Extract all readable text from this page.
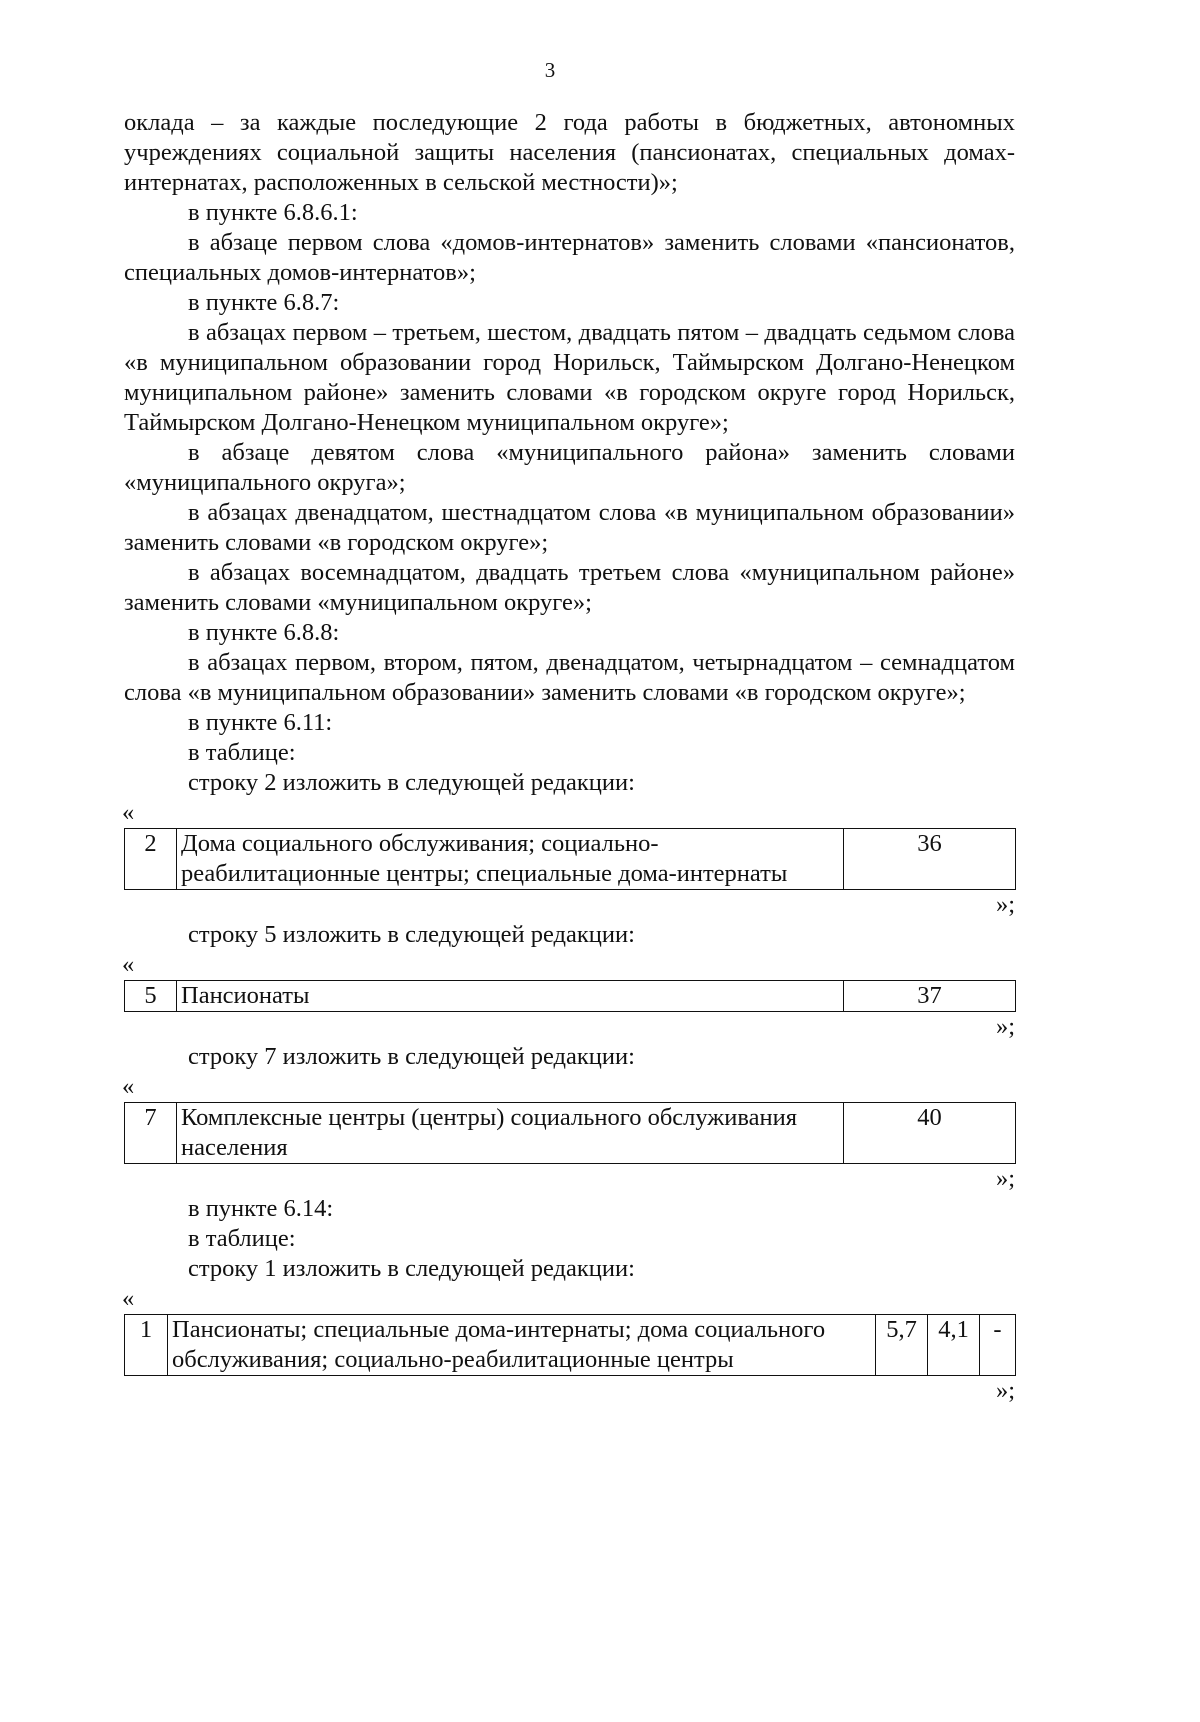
3

оклада – за каждые последующие 2 года работы в бюджетных, автономных учреждениях социальной защиты населения (пансионатах, специальных домах-интернатах, расположенных в сельской местности)»;

в пункте 6.8.6.1:

в абзаце первом слова «домов-интернатов» заменить словами «пансионатов, специальных домов-интернатов»;

в пункте 6.8.7:

в абзацах первом – третьем, шестом, двадцать пятом – двадцать седьмом слова «в муниципальном образовании город Норильск, Таймырском Долгано-Ненецком муниципальном районе» заменить словами «в городском округе город Норильск, Таймырском Долгано-Ненецком муниципальном округе»;

в абзаце девятом слова «муниципального района» заменить словами «муниципального округа»;

в абзацах двенадцатом, шестнадцатом слова «в муниципальном образовании» заменить словами «в городском округе»;

в абзацах восемнадцатом, двадцать третьем слова «муниципальном районе» заменить словами «муниципальном округе»;

в пункте 6.8.8:

в абзацах первом, втором, пятом, двенадцатом, четырнадцатом – семнадцатом слова «в муниципальном образовании» заменить словами «в городском округе»;

в пункте 6.11:

в таблице:

строку 2 изложить в следующей редакции:

«

2	Дома социального обслуживания; социально-реабилитационные центры; специальные дома-интернаты	36

»;

строку 5 изложить в следующей редакции:

«

5	Пансионаты	37

»;

строку 7 изложить в следующей редакции:

«

7	Комплексные центры (центры) социального обслуживания населения	40

»;

в пункте 6.14:

в таблице:

строку 1 изложить в следующей редакции:

«

1	Пансионаты; специальные дома-интернаты; дома социального обслуживания; социально-реабилитационные центры	5,7	4,1	-

»;
